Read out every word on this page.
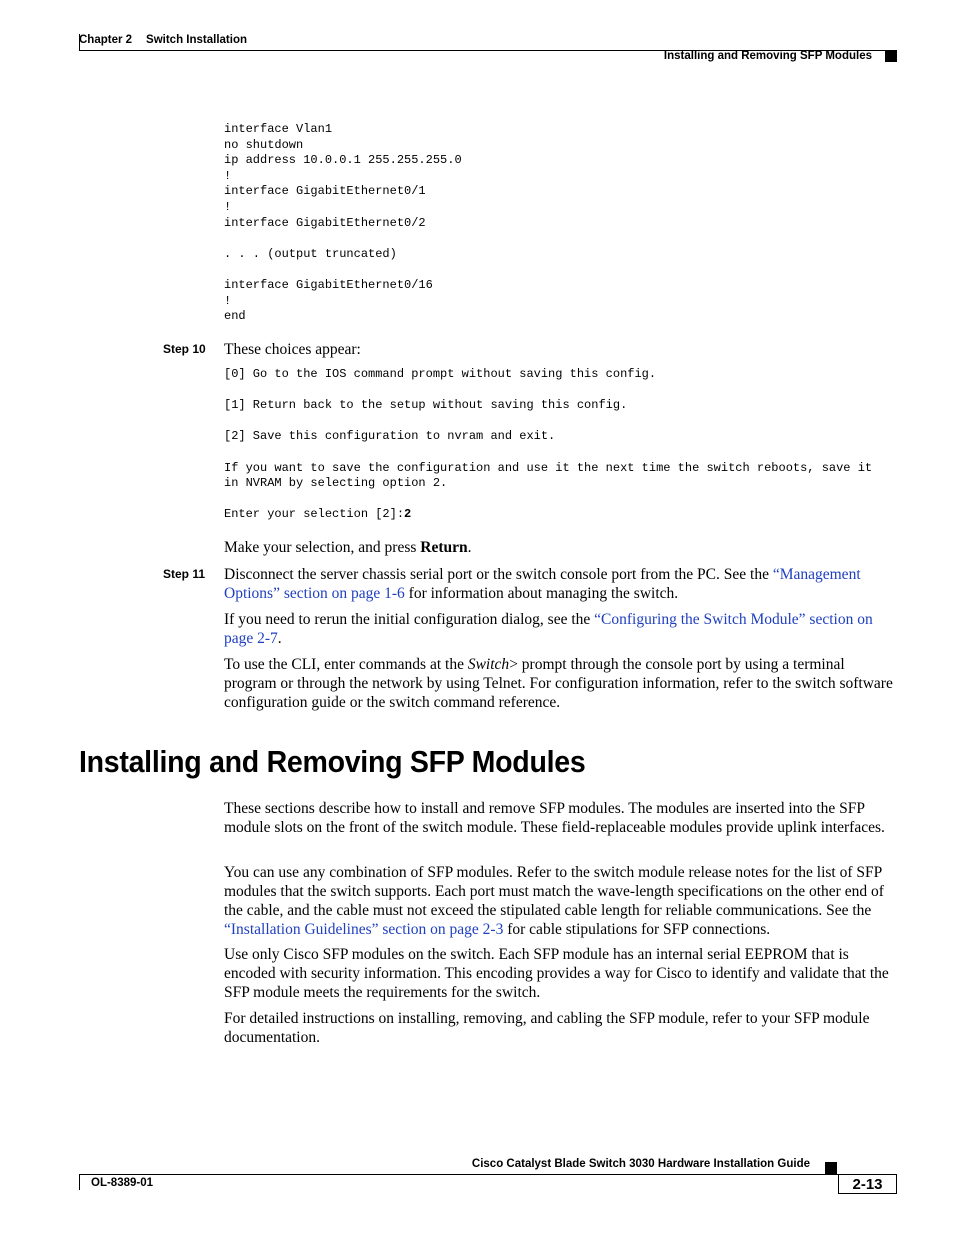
Chapter 2 Switch Installation
Installing and Removing SFP Modules
interface Vlan1
no shutdown
ip address 10.0.0.1 255.255.255.0
!
interface GigabitEthernet0/1
!
interface GigabitEthernet0/2

. . . (output truncated)

interface GigabitEthernet0/16
!
end
Step 10 These choices appear:
[0] Go to the IOS command prompt without saving this config.

[1] Return back to the setup without saving this config.

[2] Save this configuration to nvram and exit.

If you want to save the configuration and use it the next time the switch reboots, save it
in NVRAM by selecting option 2.

Enter your selection [2]:2
Make your selection, and press Return.
Step 11 Disconnect the server chassis serial port or the switch console port from the PC. See the “Management Options” section on page 1-6 for information about managing the switch.
If you need to rerun the initial configuration dialog, see the “Configuring the Switch Module” section on page 2-7.
To use the CLI, enter commands at the Switch> prompt through the console port by using a terminal program or through the network by using Telnet. For configuration information, refer to the switch software configuration guide or the switch command reference.
Installing and Removing SFP Modules
These sections describe how to install and remove SFP modules. The modules are inserted into the SFP module slots on the front of the switch module. These field-replaceable modules provide uplink interfaces.
You can use any combination of SFP modules. Refer to the switch module release notes for the list of SFP modules that the switch supports. Each port must match the wave-length specifications on the other end of the cable, and the cable must not exceed the stipulated cable length for reliable communications. See the “Installation Guidelines” section on page 2-3 for cable stipulations for SFP connections.
Use only Cisco SFP modules on the switch. Each SFP module has an internal serial EEPROM that is encoded with security information. This encoding provides a way for Cisco to identify and validate that the SFP module meets the requirements for the switch.
For detailed instructions on installing, removing, and cabling the SFP module, refer to your SFP module documentation.
Cisco Catalyst Blade Switch 3030 Hardware Installation Guide
OL-8389-01	2-13
